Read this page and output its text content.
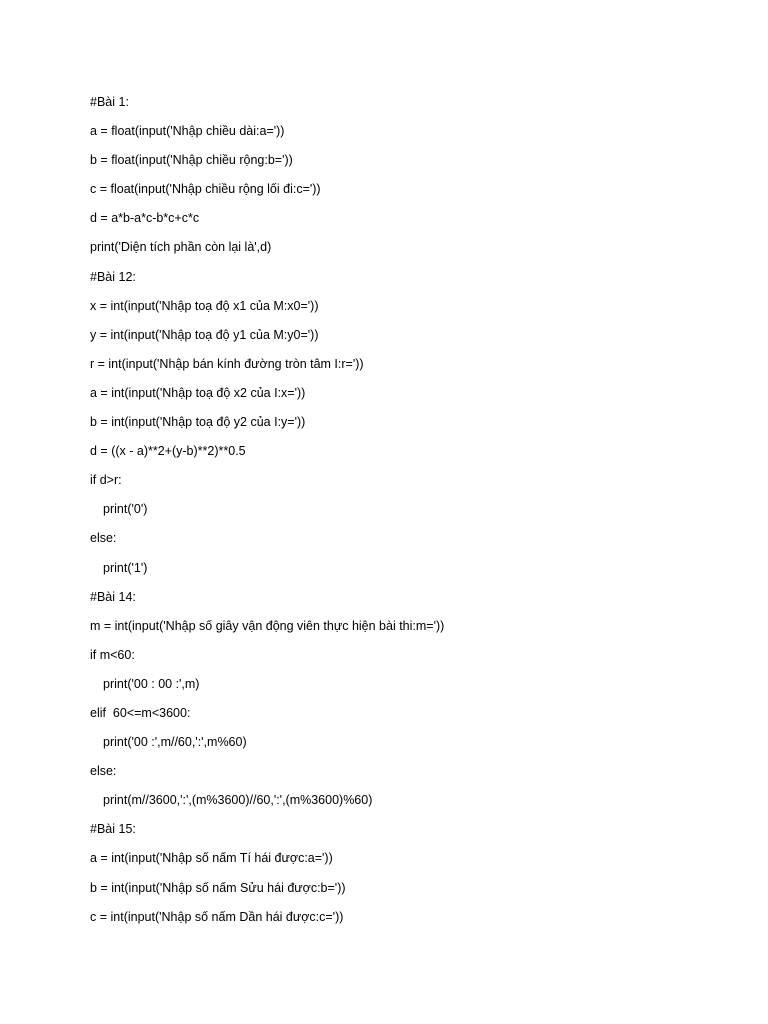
#Bài 1:
a = float(input('Nhập chiều dài:a='))
b = float(input('Nhập chiều rộng:b='))
c = float(input('Nhập chiều rộng lối đi:c='))
d = a*b-a*c-b*c+c*c
print('Diện tích phần còn lại là',d)
#Bài 12:
x = int(input('Nhập toạ độ x1 của M:x0='))
y = int(input('Nhập toạ độ y1 của M:y0='))
r = int(input('Nhập bán kính đường tròn tâm I:r='))
a = int(input('Nhập toạ độ x2 của I:x='))
b = int(input('Nhập toạ độ y2 của I:y='))
d = ((x - a)**2+(y-b)**2)**0.5
if d>r:
print('0')
else:
print('1')
#Bài 14:
m = int(input('Nhập số giây vận động viên thực hiện bài thi:m='))
if m<60:
print('00 : 00 :',m)
elif  60<=m<3600:
print('00 :',m//60,':',m%60)
else:
print(m//3600,':',(m%3600)//60,':',(m%3600)%60)
#Bài 15:
a = int(input('Nhập số nấm Tí hái được:a='))
b = int(input('Nhập số nấm Sửu hái được:b='))
c = int(input('Nhập số nấm Dần hái được:c='))
